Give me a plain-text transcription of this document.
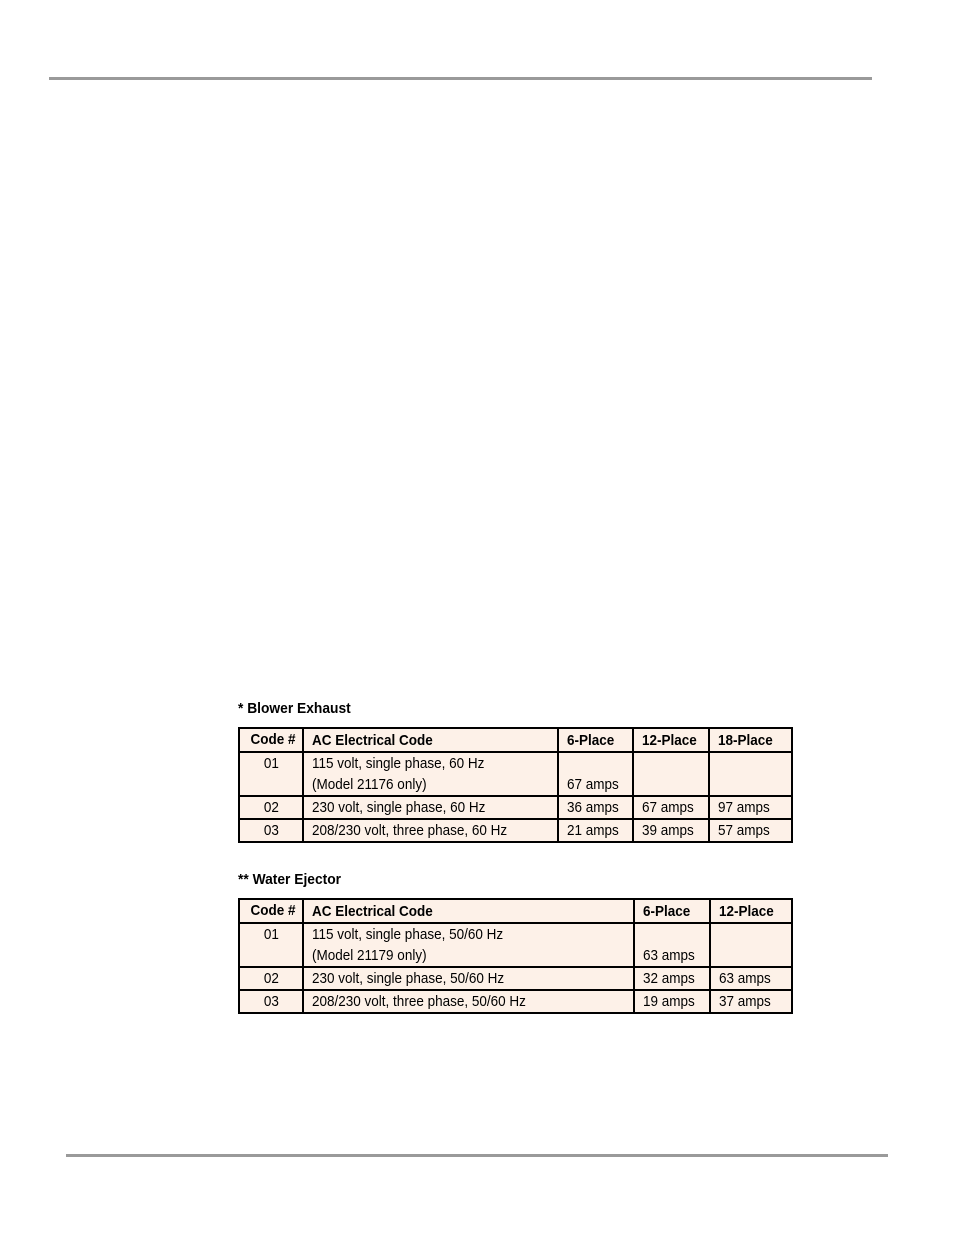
* Blower Exhaust
Code #	AC Electrical Code	6-Place	12-Place	18-Place
01	115 volt, single phase, 60 Hz
(Model 21176 only)	67 amps		
02	230 volt, single phase, 60 Hz	36 amps	67 amps	97 amps
03	208/230 volt, three phase, 60 Hz	21 amps	39 amps	57 amps
** Water Ejector
Code #	AC Electrical Code	6-Place	12-Place
01	115 volt, single phase, 50/60 Hz
(Model 21179 only)	63 amps	
02	230 volt, single phase, 50/60 Hz	32 amps	63 amps
03	208/230 volt, three phase, 50/60 Hz	19 amps	37 amps
